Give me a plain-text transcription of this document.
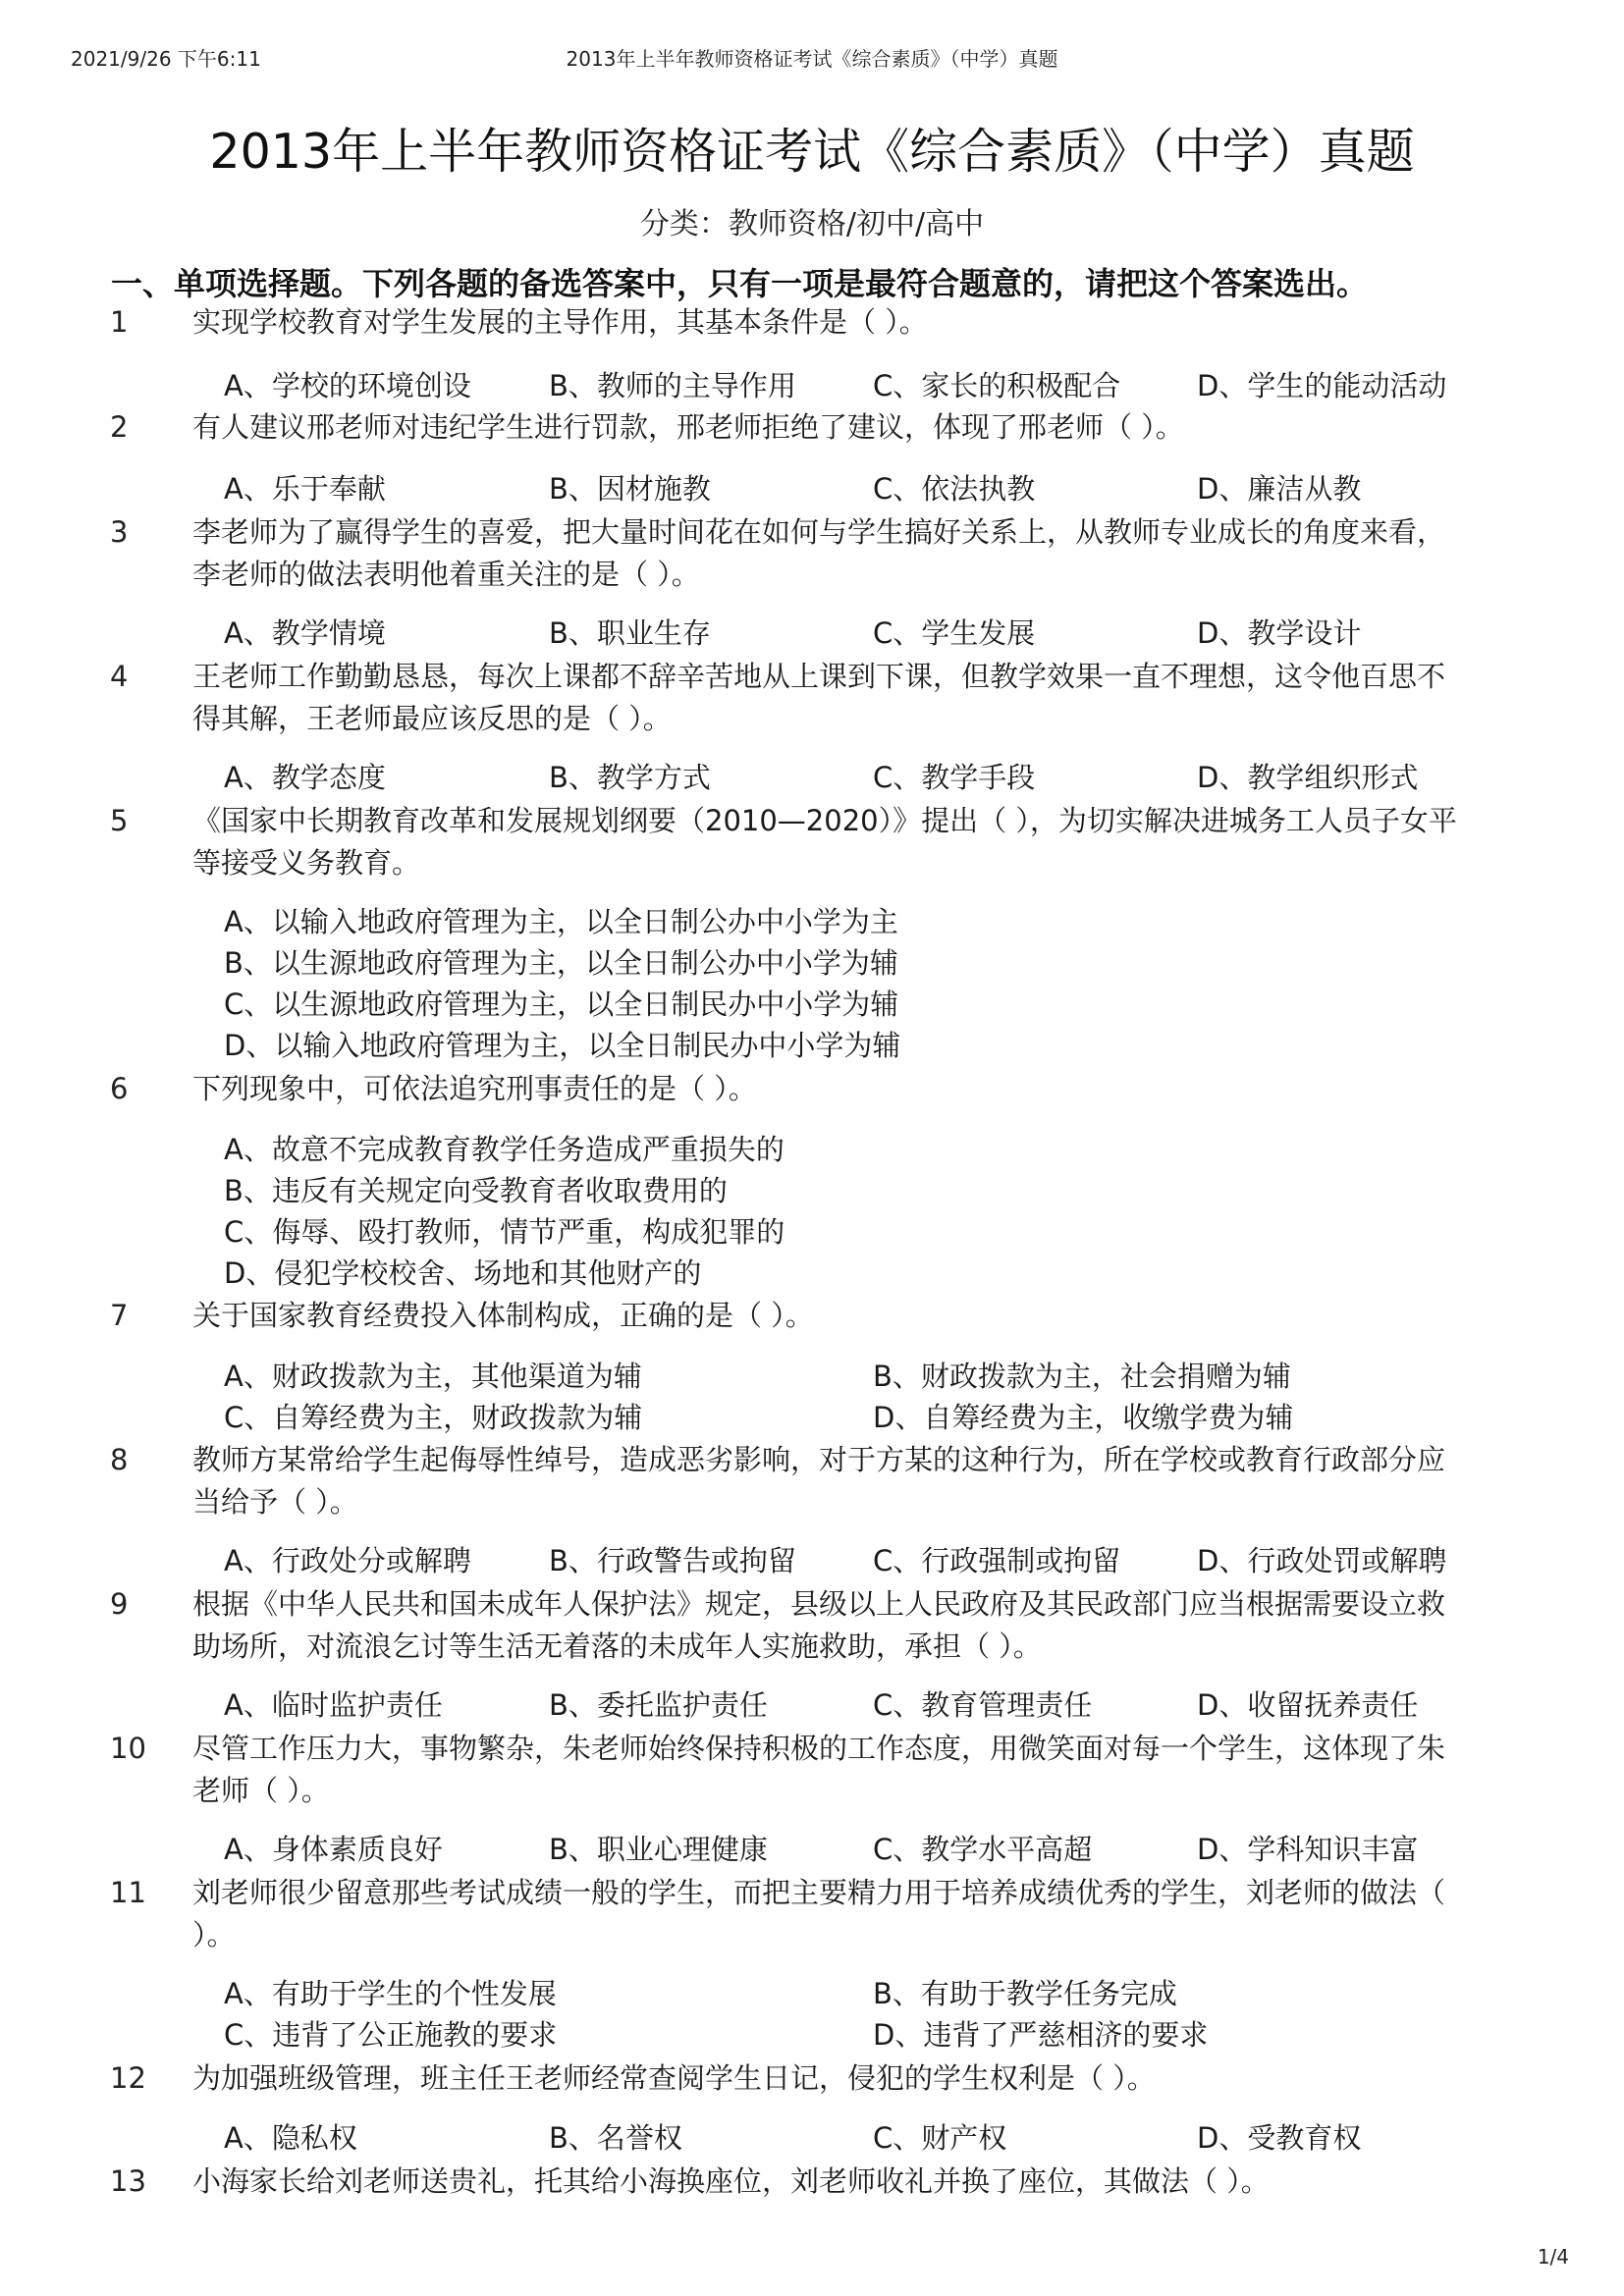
2021/9/26 下午6:11	2013年上半年教师资格证考试《综合素质》（中学）真题
2013年上半年教师资格证考试《综合素质》（中学）真题
分类：教师资格/初中/高中
一、单项选择题。下列各题的备选答案中，只有一项是最符合题意的，请把这个答案选出。
1 实现学校教育对学生发展的主导作用，其基本条件是（ ）。
A、学校的环境创设	B、教师的主导作用	C、家长的积极配合	D、学生的能动活动
2 有人建议邢老师对违纪学生进行罚款，邢老师拒绝了建议，体现了邢老师（ ）。
A、乐于奉献	B、因材施教	C、依法执教	D、廉洁从教
3 李老师为了赢得学生的喜爱，把大量时间花在如何与学生搞好关系上，从教师专业成长的角度来看，李老师的做法表明他着重关注的是（ ）。
A、教学情境	B、职业生存	C、学生发展	D、教学设计
4 王老师工作勤勤恳恳，每次上课都不辞辛苦地从上课到下课，但教学效果一直不理想，这令他百思不得其解，王老师最应该反思的是（ ）。
A、教学态度	B、教学方式	C、教学手段	D、教学组织形式
5 《国家中长期教育改革和发展规划纲要（2010—2020）》提出（ ），为切实解决进城务工人员子女平等接受义务教育。
A、以输入地政府管理为主，以全日制公办中小学为主
B、以生源地政府管理为主，以全日制公办中小学为辅
C、以生源地政府管理为主，以全日制民办中小学为辅
D、以输入地政府管理为主，以全日制民办中小学为辅
6 下列现象中，可依法追究刑事责任的是（ ）。
A、故意不完成教育教学任务造成严重损失的
B、违反有关规定向受教育者收取费用的
C、侮辱、殴打教师，情节严重，构成犯罪的
D、侵犯学校校舍、场地和其他财产的
7 关于国家教育经费投入体制构成，正确的是（ ）。
A、财政拨款为主，其他渠道为辅	B、财政拨款为主，社会捐赠为辅
C、自筹经费为主，财政拨款为辅	D、自筹经费为主，收缴学费为辅
8 教师方某常给学生起侮辱性绰号，造成恶劣影响，对于方某的这种行为，所在学校或教育行政部分应当给予（ ）。
A、行政处分或解聘	B、行政警告或拘留	C、行政强制或拘留	D、行政处罚或解聘
9 根据《中华人民共和国未成年人保护法》规定，县级以上人民政府及其民政部门应当根据需要设立救助场所，对流浪乞讨等生活无着落的未成年人实施救助，承担（ ）。
A、临时监护责任	B、委托监护责任	C、教育管理责任	D、收留抚养责任
10 尽管工作压力大，事物繁杂，朱老师始终保持积极的工作态度，用微笑面对每一个学生，这体现了朱老师（ ）。
A、身体素质良好	B、职业心理健康	C、教学水平高超	D、学科知识丰富
11 刘老师很少留意那些考试成绩一般的学生，而把主要精力用于培养成绩优秀的学生，刘老师的做法（ ）。
A、有助于学生的个性发展	B、有助于教学任务完成
C、违背了公正施教的要求	D、违背了严慈相济的要求
12 为加强班级管理，班主任王老师经常查阅学生日记，侵犯的学生权利是（ ）。
A、隐私权	B、名誉权	C、财产权	D、受教育权
13 小海家长给刘老师送贵礼，托其给小海换座位，刘老师收礼并换了座位，其做法（ ）。
1/4
